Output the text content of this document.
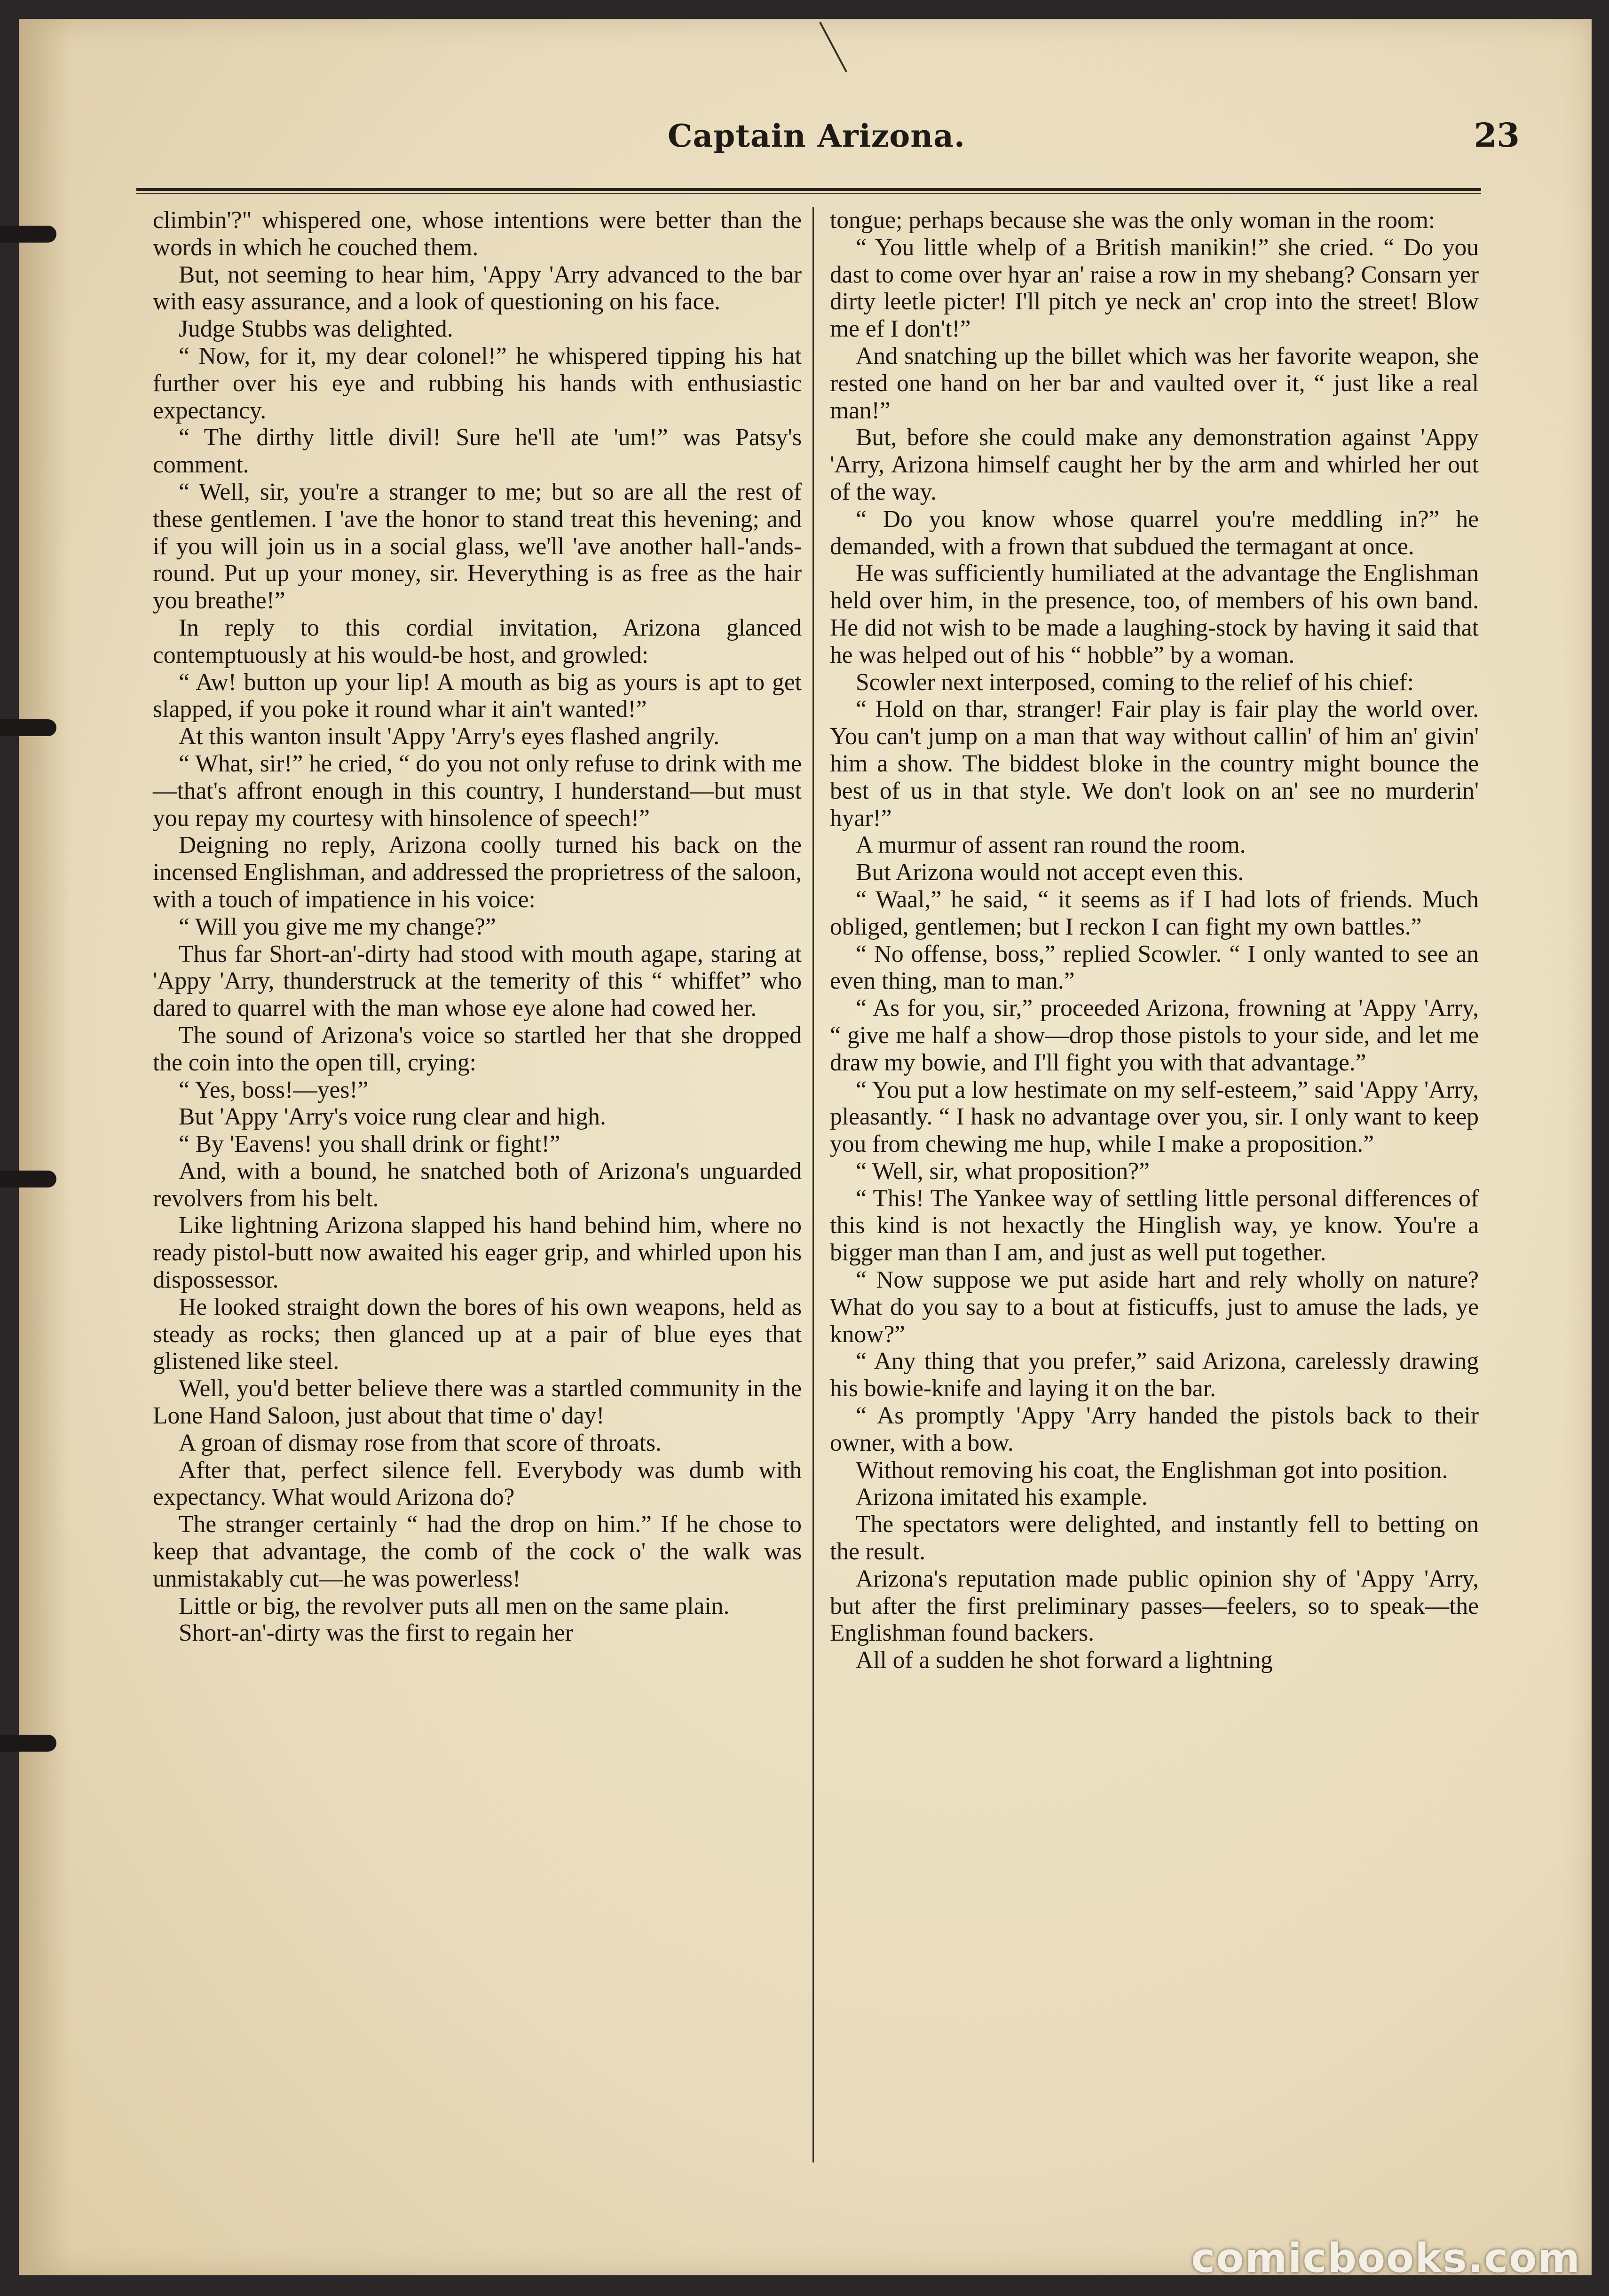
Captain Arizona.	23

climbin'?" whispered one, whose intentions were better than the words in which he couched them.

But, not seeming to hear him, 'Appy 'Arry advanced to the bar with easy assurance, and a look of questioning on his face.

Judge Stubbs was delighted.

“ Now, for it, my dear colonel!” he whispered tipping his hat further over his eye and rubbing his hands with enthusiastic expectancy.

“ The dirthy little divil! Sure he'll ate 'um!” was Patsy's comment.

“ Well, sir, you're a stranger to me; but so are all the rest of these gentlemen. I 'ave the honor to stand treat this hevening; and if you will join us in a social glass, we'll 'ave another hall-'ands-round. Put up your money, sir. Heverything is as free as the hair you breathe!”

In reply to this cordial invitation, Arizona glanced contemptuously at his would-be host, and growled:

“ Aw! button up your lip! A mouth as big as yours is apt to get slapped, if you poke it round whar it ain't wanted!”

At this wanton insult 'Appy 'Arry's eyes flashed angrily.

“ What, sir!” he cried, “ do you not only refuse to drink with me—that's affront enough in this country, I hunderstand—but must you repay my courtesy with hinsolence of speech!”

Deigning no reply, Arizona coolly turned his back on the incensed Englishman, and addressed the proprietress of the saloon, with a touch of impatience in his voice:

“ Will you give me my change?”

Thus far Short-an'-dirty had stood with mouth agape, staring at 'Appy 'Arry, thunderstruck at the temerity of this “ whiffet” who dared to quarrel with the man whose eye alone had cowed her.

The sound of Arizona's voice so startled her that she dropped the coin into the open till, crying:

“ Yes, boss!—yes!”

But 'Appy 'Arry's voice rung clear and high.

“ By 'Eavens! you shall drink or fight!”

And, with a bound, he snatched both of Arizona's unguarded revolvers from his belt.

Like lightning Arizona slapped his hand behind him, where no ready pistol-butt now awaited his eager grip, and whirled upon his dispossessor.

He looked straight down the bores of his own weapons, held as steady as rocks; then glanced up at a pair of blue eyes that glistened like steel.

Well, you'd better believe there was a startled community in the Lone Hand Saloon, just about that time o' day!

A groan of dismay rose from that score of throats.

After that, perfect silence fell. Everybody was dumb with expectancy. What would Arizona do?

The stranger certainly “ had the drop on him.” If he chose to keep that advantage, the comb of the cock o' the walk was unmistakably cut—he was powerless!

Little or big, the revolver puts all men on the same plain.

Short-an'-dirty was the first to regain her

tongue; perhaps because she was the only woman in the room:

“ You little whelp of a British manikin!” she cried. “ Do you dast to come over hyar an' raise a row in my shebang? Consarn yer dirty leetle picter! I'll pitch ye neck an' crop into the street! Blow me ef I don't!”

And snatching up the billet which was her favorite weapon, she rested one hand on her bar and vaulted over it, “ just like a real man!”

But, before she could make any demonstration against 'Appy 'Arry, Arizona himself caught her by the arm and whirled her out of the way.

“ Do you know whose quarrel you're meddling in?” he demanded, with a frown that subdued the termagant at once.

He was sufficiently humiliated at the advantage the Englishman held over him, in the presence, too, of members of his own band. He did not wish to be made a laughing-stock by having it said that he was helped out of his “ hobble” by a woman.

Scowler next interposed, coming to the relief of his chief:

“ Hold on thar, stranger! Fair play is fair play the world over. You can't jump on a man that way without callin' of him an' givin' him a show. The biddest bloke in the country might bounce the best of us in that style. We don't look on an' see no murderin' hyar!”

A murmur of assent ran round the room.

But Arizona would not accept even this.

“ Waal,” he said, “ it seems as if I had lots of friends. Much obliged, gentlemen; but I reckon I can fight my own battles.”

“ No offense, boss,” replied Scowler. “ I only wanted to see an even thing, man to man.”

“ As for you, sir,” proceeded Arizona, frowning at 'Appy 'Arry, “ give me half a show—drop those pistols to your side, and let me draw my bowie, and I'll fight you with that advantage.”

“ You put a low hestimate on my self-esteem,” said 'Appy 'Arry, pleasantly. “ I hask no advantage over you, sir. I only want to keep you from chewing me hup, while I make a proposition.”

“ Well, sir, what proposition?”

“ This! The Yankee way of settling little personal differences of this kind is not hexactly the Hinglish way, ye know. You're a bigger man than I am, and just as well put together.

“ Now suppose we put aside hart and rely wholly on nature? What do you say to a bout at fisticuffs, just to amuse the lads, ye know?”

“ Any thing that you prefer,” said Arizona, carelessly drawing his bowie-knife and laying it on the bar.

“ As promptly 'Appy 'Arry handed the pistols back to their owner, with a bow.

Without removing his coat, the Englishman got into position.

Arizona imitated his example.

The spectators were delighted, and instantly fell to betting on the result.

Arizona's reputation made public opinion shy of 'Appy 'Arry, but after the first preliminary passes—feelers, so to speak—the Englishman found backers.

All of a sudden he shot forward a lightning

comicbooks.com
